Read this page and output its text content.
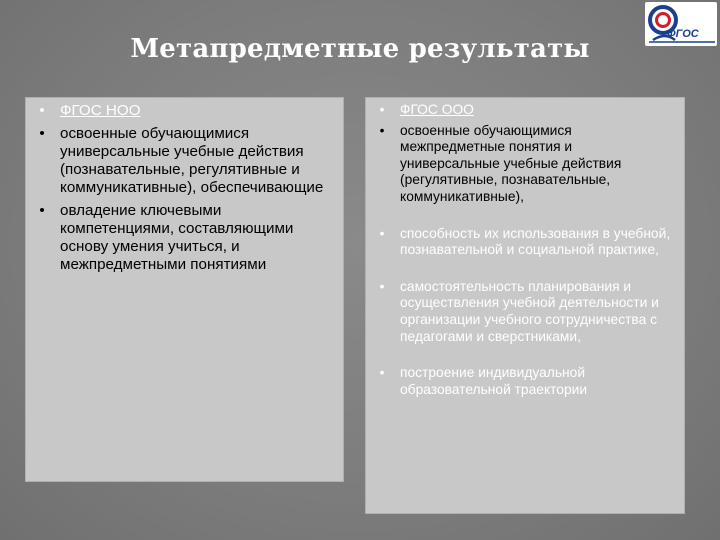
ФГОС
Метапредметные результаты
•	ФГОС НОО
•	освоенные обучающимися универсальные учебные действия (познавательные, регулятивные и коммуникативные), обеспечивающие
•	овладение ключевыми компетенциями, составляющими основу умения учиться, и межпредметными понятиями
•	ФГОС ООО
•	освоенные обучающимися межпредметные понятия и универсальные учебные действия (регулятивные, познавательные, коммуникативные),
•	способность их использования в учебной, познавательной и социальной практике,
•	самостоятельность планирования и осуществления учебной деятельности и организации учебного сотрудничества с педагогами и сверстниками,
•	построение индивидуальной образовательной траектории
